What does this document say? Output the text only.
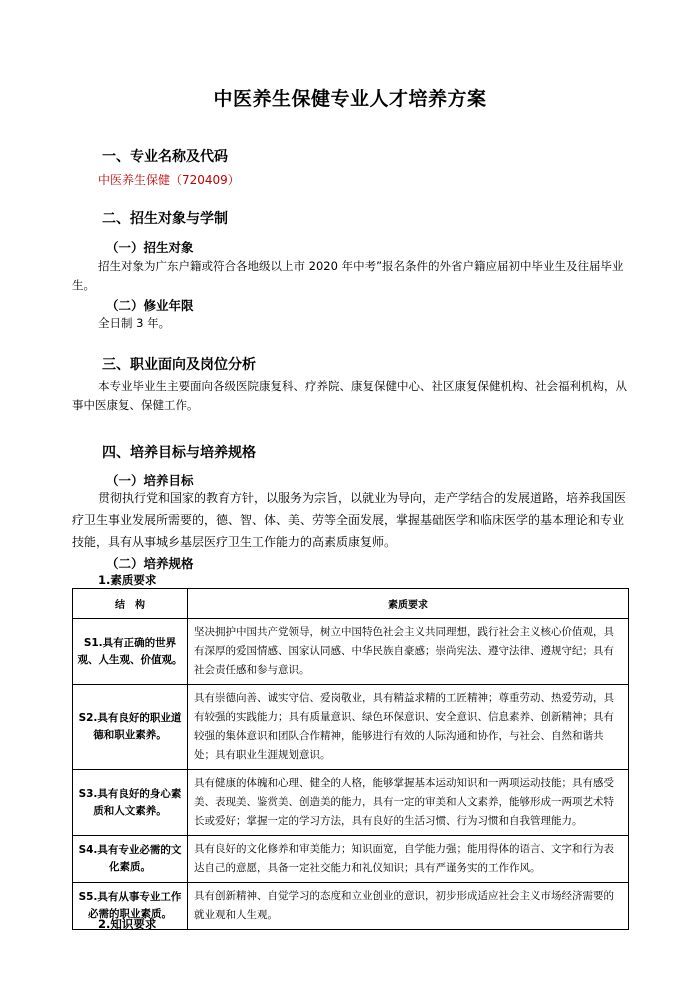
中医养生保健专业人才培养方案
一、专业名称及代码
中医养生保健（720409）
二、招生对象与学制
（一）招生对象
招生对象为广东户籍或符合各地级以上市 2020 年中考”报名条件的外省户籍应届初中毕业生及往届毕业生。
（二）修业年限
全日制 3 年。
三、职业面向及岗位分析
本专业毕业生主要面向各级医院康复科、疗养院、康复保健中心、社区康复保健机构、社会福利机构，从事中医康复、保健工作。
四、培养目标与培养规格
（一）培养目标
贯彻执行党和国家的教育方针，以服务为宗旨，以就业为导向，走产学结合的发展道路，培养我国医疗卫生事业发展所需要的，德、智、体、美、劳等全面发展，掌握基础医学和临床医学的基本理论和专业技能，具有从事城乡基层医疗卫生工作能力的高素质康复师。
（二）培养规格
1.素质要求
结　构	素质要求
S1.具有正确的世界观、人生观、价值观。	坚决拥护中国共产党领导，树立中国特色社会主义共同理想，践行社会主义核心价值观，具有深厚的爱国情感、国家认同感、中华民族自豪感；崇尚宪法、遵守法律、遵规守纪；具有社会责任感和参与意识。
S2.具有良好的职业道德和职业素养。	具有崇德向善、诚实守信、爱岗敬业，具有精益求精的工匠精神；尊重劳动、热爱劳动，具有较强的实践能力；具有质量意识、绿色环保意识、安全意识、信息素养、创新精神；具有较强的集体意识和团队合作精神，能够进行有效的人际沟通和协作，与社会、自然和谐共处；具有职业生涯规划意识。
S3.具有良好的身心素质和人文素养。	具有健康的体魄和心理、健全的人格，能够掌握基本运动知识和一两项运动技能；具有感受美、表现美、鉴赏美、创造美的能力，具有一定的审美和人文素养，能够形成一两项艺术特长或爱好；掌握一定的学习方法，具有良好的生活习惯、行为习惯和自我管理能力。
S4.具有专业必需的文化素质。	具有良好的文化修养和审美能力；知识面宽，自学能力强；能用得体的语言、文字和行为表达自己的意愿，具备一定社交能力和礼仪知识；具有严谨务实的工作作风。
S5.具有从事专业工作必需的职业素质。	具有创新精神、自觉学习的态度和立业创业的意识，初步形成适应社会主义市场经济需要的就业观和人生观。
2.知识要求
